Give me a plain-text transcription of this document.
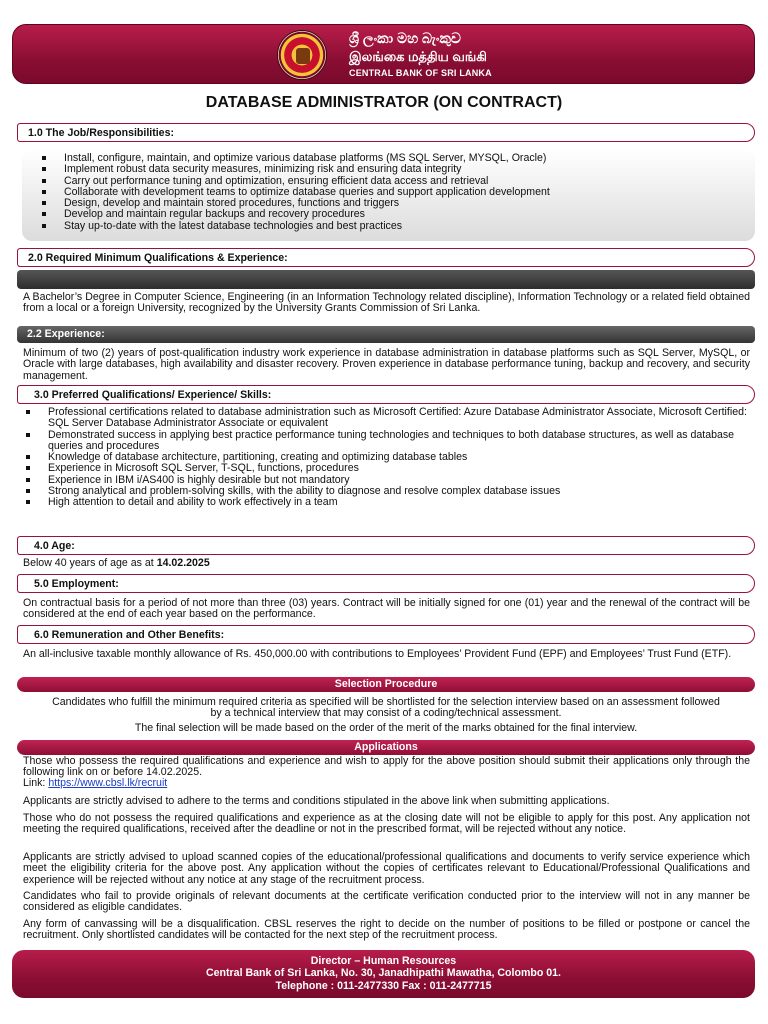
ශ්‍රී ලංකා මහ බැංකුව
இலங்கை மத்திய வங்கி
CENTRAL BANK OF SRI LANKA
DATABASE ADMINISTRATOR (ON CONTRACT)
1.0 The Job/Responsibilities:
Install, configure, maintain, and optimize various database platforms (MS SQL Server, MYSQL, Oracle)
Implement robust data security measures, minimizing risk and ensuring data integrity
Carry out performance tuning and optimization, ensuring efficient data access and retrieval
Collaborate with development teams to optimize database queries and support application development
Design, develop and maintain stored procedures, functions and triggers
Develop and maintain regular backups and recovery procedures
Stay up-to-date with the latest database technologies and best practices
2.0 Required Minimum Qualifications & Experience:
A Bachelor’s Degree in Computer Science, Engineering (in an Information Technology related discipline), Information Technology or a related field obtained from a local or a foreign University, recognized by the University Grants Commission of Sri Lanka.
2.2 Experience:
Minimum of two (2) years of post-qualification industry work experience in database administration in database platforms such as SQL Server, MySQL, or Oracle with large databases, high availability and disaster recovery. Proven experience in database performance tuning, backup and recovery, and security management.
3.0 Preferred Qualifications/ Experience/ Skills:
Professional certifications related to database administration such as Microsoft Certified: Azure Database Administrator Associate, Microsoft Certified: SQL Server Database Administrator Associate or equivalent
Demonstrated success in applying best practice performance tuning technologies and techniques to both database structures, as well as database queries and procedures
Knowledge of database architecture, partitioning, creating and optimizing database tables
Experience in Microsoft SQL Server, T-SQL, functions, procedures
Experience in IBM i/AS400 is highly desirable but not mandatory
Strong analytical and problem-solving skills, with the ability to diagnose and resolve complex database issues
High attention to detail and ability to work effectively in a team
4.0 Age:
Below 40 years of age as at 14.02.2025
5.0 Employment:
On contractual basis for a period of not more than three (03) years. Contract will be initially signed for one (01) year and the renewal of the contract will be considered at the end of each year based on the performance.
6.0 Remuneration and Other Benefits:
An all-inclusive taxable monthly allowance of Rs. 450,000.00 with contributions to Employees’ Provident Fund (EPF) and Employees’ Trust Fund (ETF).
Selection Procedure
Candidates who fulfill the minimum required criteria as specified will be shortlisted for the selection interview based on an assessment followed by a technical interview that may consist of a coding/technical assessment.
The final selection will be made based on the order of the merit of the marks obtained for the final interview.
Applications
Those who possess the required qualifications and experience and wish to apply for the above position should submit their applications only through the following link on or before 14.02.2025.
Link: https://www.cbsl.lk/recruit
Applicants are strictly advised to adhere to the terms and conditions stipulated in the above link when submitting applications.
Those who do not possess the required qualifications and experience as at the closing date will not be eligible to apply for this post. Any application not meeting the required qualifications, received after the deadline or not in the prescribed format, will be rejected without any notice.
Applicants are strictly advised to upload scanned copies of the educational/professional qualifications and documents to verify service experience which meet the eligibility criteria for the above post. Any application without the copies of certificates relevant to Educational/Professional Qualifications and experience will be rejected without any notice at any stage of the recruitment process.
Candidates who fail to provide originals of relevant documents at the certificate verification conducted prior to the interview will not in any manner be considered as eligible candidates.
Any form of canvassing will be a disqualification. CBSL reserves the right to decide on the number of positions to be filled or postpone or cancel the recruitment. Only shortlisted candidates will be contacted for the next step of the recruitment process.
Director – Human Resources
Central Bank of Sri Lanka, No. 30, Janadhipathi Mawatha, Colombo 01.
Telephone : 011-2477330 Fax : 011-2477715
